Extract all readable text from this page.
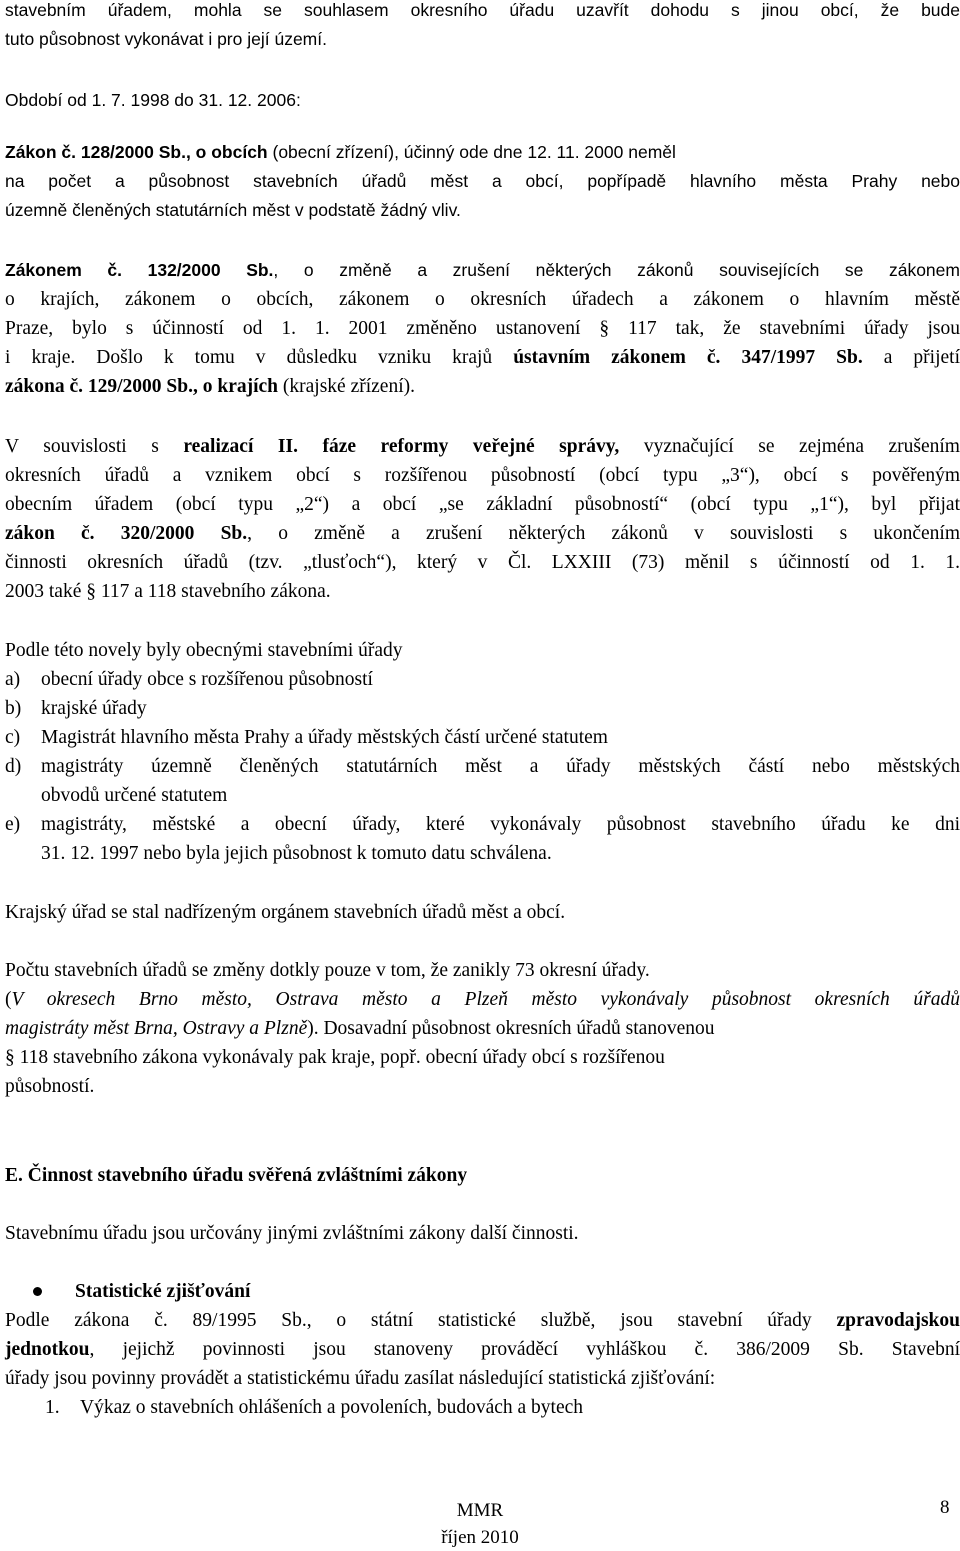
stavebním úřadem, mohla se souhlasem okresního úřadu uzavřít dohodu s jinou obcí, že bude
tuto působnost vykonávat i pro její území.
Období od 1. 7. 1998 do 31. 12. 2006:
Zákon č. 128/2000 Sb., o obcích (obecní zřízení), účinný ode dne 12. 11. 2000 neměl
na počet a působnost stavebních úřadů měst a obcí, popřípadě hlavního města Prahy nebo
územně členěných statutárních měst v podstatě žádný vliv.
Zákonem č. 132/2000 Sb., o změně a zrušení některých zákonů souvisejících se zákonem
o krajích, zákonem o obcích, zákonem o okresních úřadech a zákonem o hlavním městě
Praze, bylo s účinností od 1. 1. 2001 změněno ustanovení § 117 tak, že stavebními úřady jsou
i kraje. Došlo k tomu v důsledku vzniku krajů ústavním zákonem č. 347/1997 Sb. a přijetí
zákona č. 129/2000 Sb., o krajích (krajské zřízení).
V souvislosti s realizací II. fáze reformy veřejné správy, vyznačující se zejména zrušením
okresních úřadů a vznikem obcí s rozšířenou působností (obcí typu „3“), obcí s pověřeným
obecním úřadem (obcí typu „2“) a obcí „se základní působností“ (obcí typu „1“), byl přijat
zákon č. 320/2000 Sb., o změně a zrušení některých zákonů v souvislosti s ukončením
činnosti okresních úřadů (tzv. „tlusťoch“), který v Čl. LXXIII (73) měnil s účinností od 1. 1.
2003 také § 117 a 118 stavebního zákona.
Podle této novely byly obecnými stavebními úřady
a)	obecní úřady obce s rozšířenou působností
b)	krajské úřady
c)	Magistrát hlavního města Prahy a úřady městských částí určené statutem
d)	magistráty územně členěných statutárních měst a úřady městských částí nebo městských
obvodů určené statutem
e)	magistráty, městské a obecní úřady, které vykonávaly působnost stavebního úřadu ke dni
31. 12. 1997 nebo byla jejich působnost k tomuto datu schválena.
Krajský úřad se stal nadřízeným orgánem stavebních úřadů měst a obcí.
Počtu stavebních úřadů se změny dotkly pouze v tom, že zanikly 73 okresní úřady.
(V okresech Brno město, Ostrava město a Plzeň město vykonávaly působnost okresních úřadů
magistráty měst Brna, Ostravy a Plzně). Dosavadní působnost okresních úřadů stanovenou
§ 118 stavebního zákona vykonávaly pak kraje, popř. obecní úřady obcí s rozšířenou
působností.
E. Činnost stavebního úřadu svěřená zvláštními zákony
Stavebnímu úřadu jsou určovány jinými zvláštními zákony další činnosti.
Statistické zjišťování
Podle zákona č. 89/1995 Sb., o státní statistické službě, jsou stavební úřady zpravodajskou
jednotkou, jejichž povinnosti jsou stanoveny prováděcí vyhláškou č. 386/2009 Sb. Stavební
úřady jsou povinny provádět a statistickému úřadu zasílat následující statistická zjišťování:
1. Výkaz o stavebních ohlášeních a povoleních, budovách a bytech
MMR
říjen 2010
8
